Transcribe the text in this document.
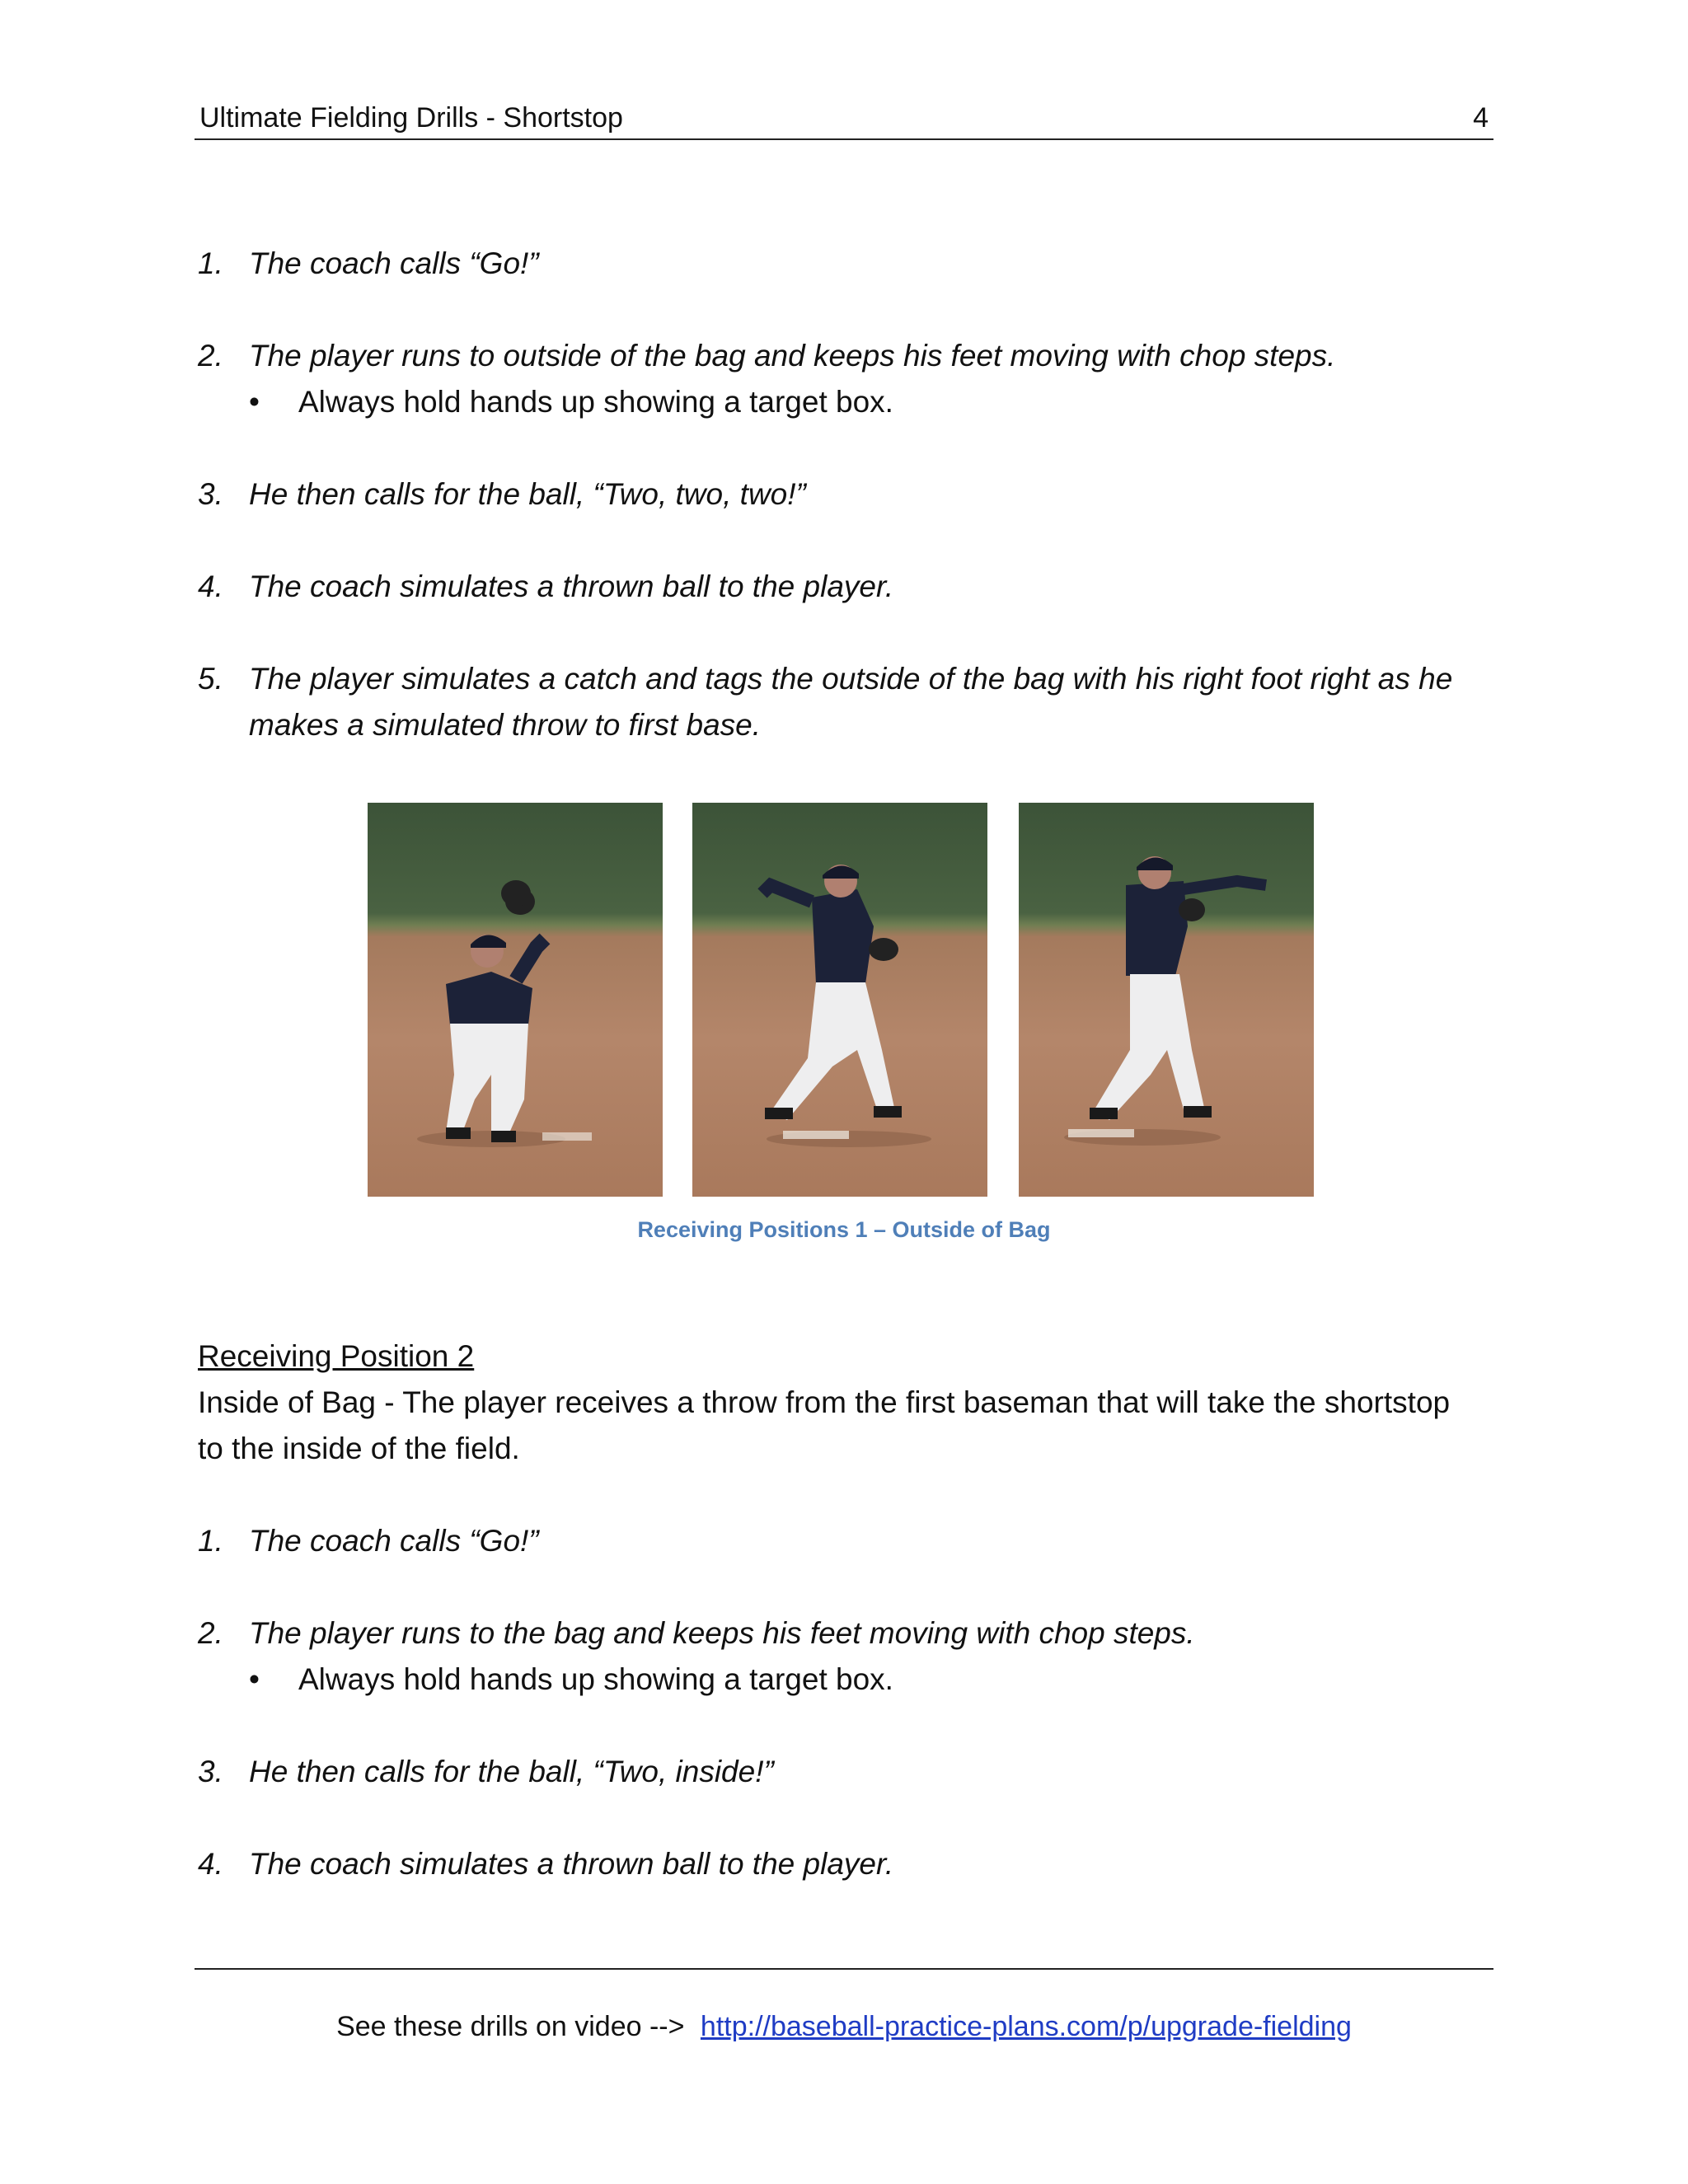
Ultimate Fielding Drills - Shortstop	4
1. The coach calls “Go!”
2. The player runs to outside of the bag and keeps his feet moving with chop steps.
• Always hold hands up showing a target box.
3. He then calls for the ball, “Two, two, two!”
4. The coach simulates a thrown ball to the player.
5. The player simulates a catch and tags the outside of the bag with his right foot right as he makes a simulated throw to first base.
Receiving Positions 1 – Outside of Bag
Receiving Position 2
Inside of Bag - The player receives a throw from the first baseman that will take the shortstop to the inside of the field.
1. The coach calls “Go!”
2. The player runs to the bag and keeps his feet moving with chop steps.
• Always hold hands up showing a target box.
3. He then calls for the ball, “Two, inside!”
4. The coach simulates a thrown ball to the player.
See these drills on video --> http://baseball-practice-plans.com/p/upgrade-fielding
